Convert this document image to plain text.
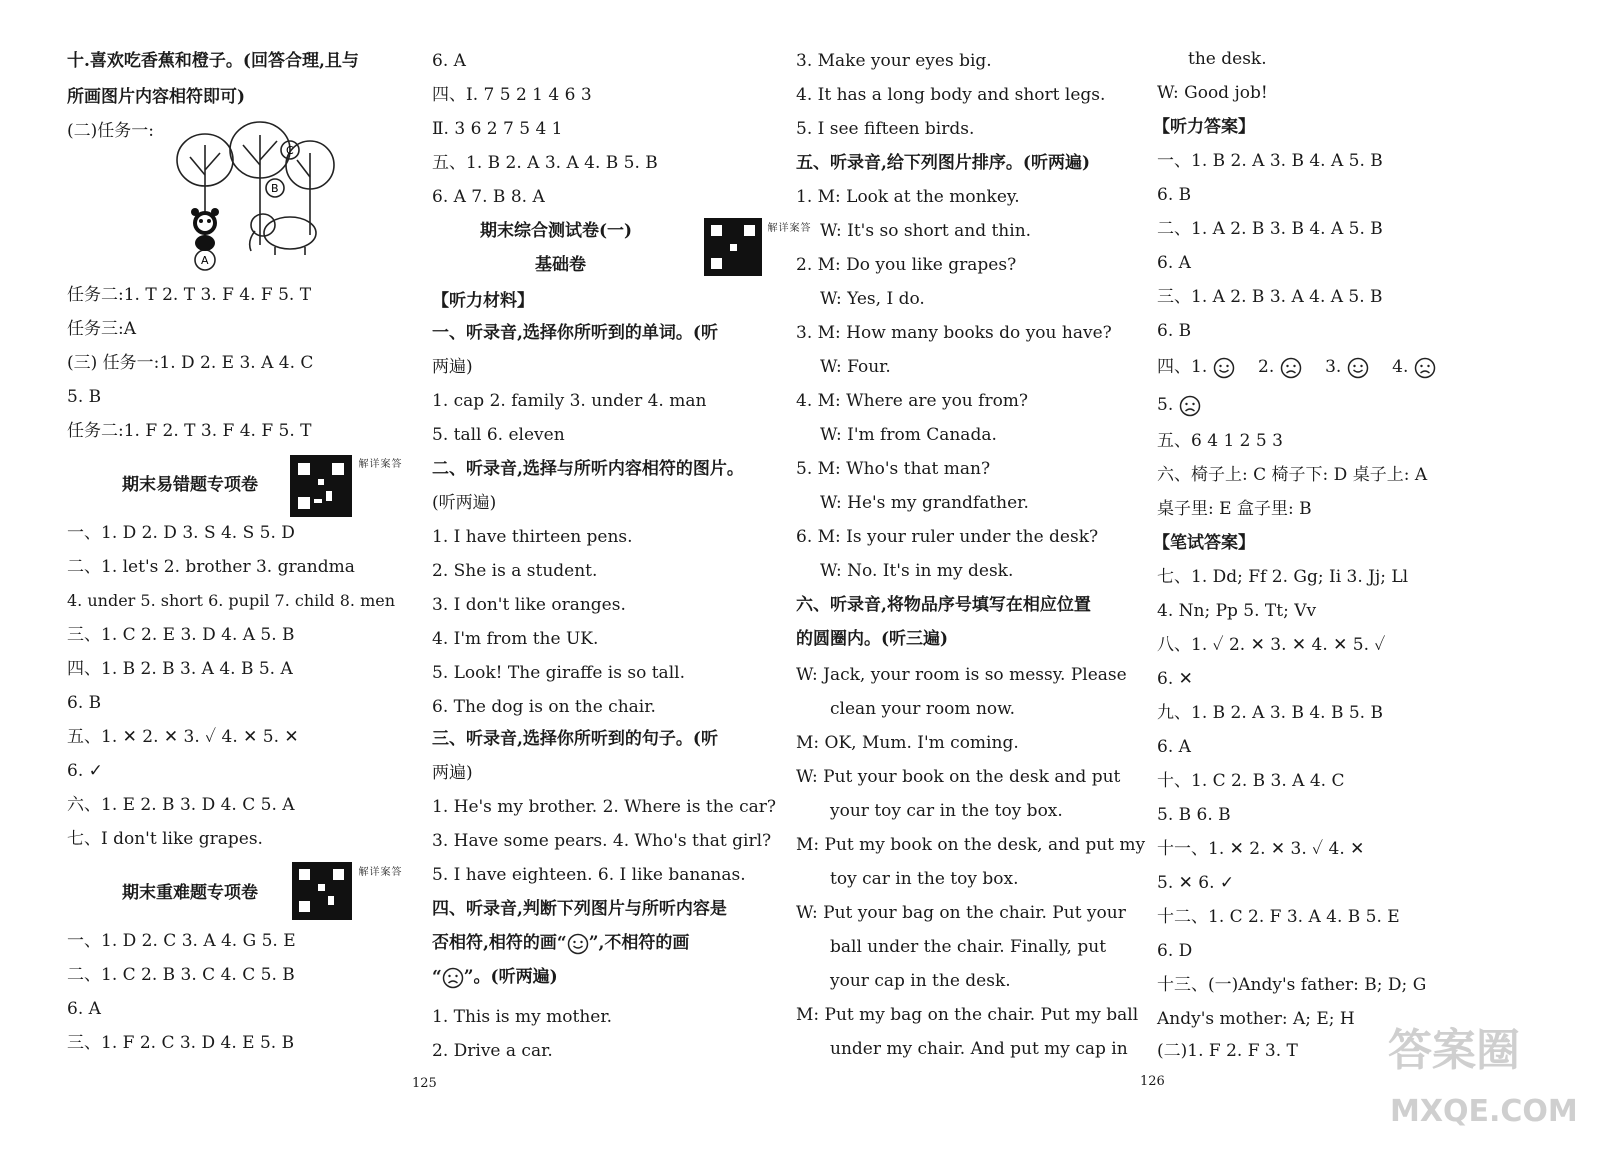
十.喜欢吃香蕉和橙子。(回答合理,且与
所画图片内容相符即可)
(二)任务一:
C
B
A
任务二:1. T 2. T 3. F 4. F 5. T
任务三:A
(三) 任务一:1. D 2. E 3. A 4. C
5. B
任务二:1. F 2. T 3. F 4. F 5. T
期末易错题专项卷
答案详解
一、1. D 2. D 3. S 4. S 5. D
二、1. let's 2. brother 3. grandma
4. under 5. short 6. pupil 7. child 8. men
三、1. C 2. E 3. D 4. A 5. B
四、1. B 2. B 3. A 4. B 5. A
6. B
五、1. ✕ 2. ✕ 3. ✓ 4. ✕ 5. ✕
6. ✓
六、1. E 2. B 3. D 4. C 5. A
七、I don't like grapes.
期末重难题专项卷
答案详解
一、1. D 2. C 3. A 4. G 5. E
二、1. C 2. B 3. C 4. C 5. B
6. A
三、1. F 2. C 3. D 4. E 5. B
6. A
四、Ⅰ. 7 5 2 1 4 6 3
Ⅱ. 3 6 2 7 5 4 1
五、1. B 2. A 3. A 4. B 5. B
6. A 7. B 8. A
期末综合测试卷(一)
基础卷
答案详解
【听力材料】
一、听录音,选择你所听到的单词。(听
两遍)
1. cap 2. family 3. under 4. man
5. tall 6. eleven
二、听录音,选择与所听内容相符的图片。
(听两遍)
1. I have thirteen pens.
2. She is a student.
3. I don't like oranges.
4. I'm from the UK.
5. Look! The giraffe is so tall.
6. The dog is on the chair.
三、听录音,选择你所听到的句子。(听
两遍)
1. He's my brother. 2. Where is the car?
3. Have some pears. 4. Who's that girl?
5. I have eighteen. 6. I like bananas.
四、听录音,判断下列图片与所听内容是
否相符,相符的画“ ”,不相符的画
“ ”。(听两遍)
1. This is my mother.
2. Drive a car.
125
3. Make your eyes big.
4. It has a long body and short legs.
5. I see fifteen birds.
五、听录音,给下列图片排序。(听两遍)
1. M: Look at the monkey.
W: It's so short and thin.
2. M: Do you like grapes?
W: Yes, I do.
3. M: How many books do you have?
W: Four.
4. M: Where are you from?
W: I'm from Canada.
5. M: Who's that man?
W: He's my grandfather.
6. M: Is your ruler under the desk?
W: No. It's in my desk.
六、听录音,将物品序号填写在相应位置
的圆圈内。(听三遍)
W: Jack, your room is so messy. Please
clean your room now.
M: OK, Mum. I'm coming.
W: Put your book on the desk and put
your toy car in the toy box.
M: Put my book on the desk, and put my
toy car in the toy box.
W: Put your bag on the chair. Put your
ball under the chair. Finally, put
your cap in the desk.
M: Put my bag on the chair. Put my ball
under my chair. And put my cap in
the desk.
W: Good job!
【听力答案】
一、1. B 2. A 3. B 4. A 5. B
6. B
二、1. A 2. B 3. B 4. A 5. B
6. A
三、1. A 2. B 3. A 4. A 5. B
6. B
四、1.	2.	3.	4.
5.
五、6 4 1 2 5 3
六、椅子上: C 椅子下: D 桌子上: A
桌子里: E 盒子里: B
【笔试答案】
七、1. Dd; Ff 2. Gg; Ii 3. Jj; Ll
4. Nn; Pp 5. Tt; Vv
八、1. ✓ 2. ✕ 3. ✕ 4. ✕ 5. ✓
6. ✕
九、1. B 2. A 3. B 4. B 5. B
6. A
十、1. C 2. B 3. A 4. C
5. B 6. B
十一、1. ✕ 2. ✕ 3. ✓ 4. ✕
5. ✕ 6. ✓
十二、1. C 2. F 3. A 4. B 5. E
6. D
十三、(一)Andy's father: B; D; G
Andy's mother: A; E; H
(二)1. F 2. F 3. T
126
答案圈
MXQE.COM
